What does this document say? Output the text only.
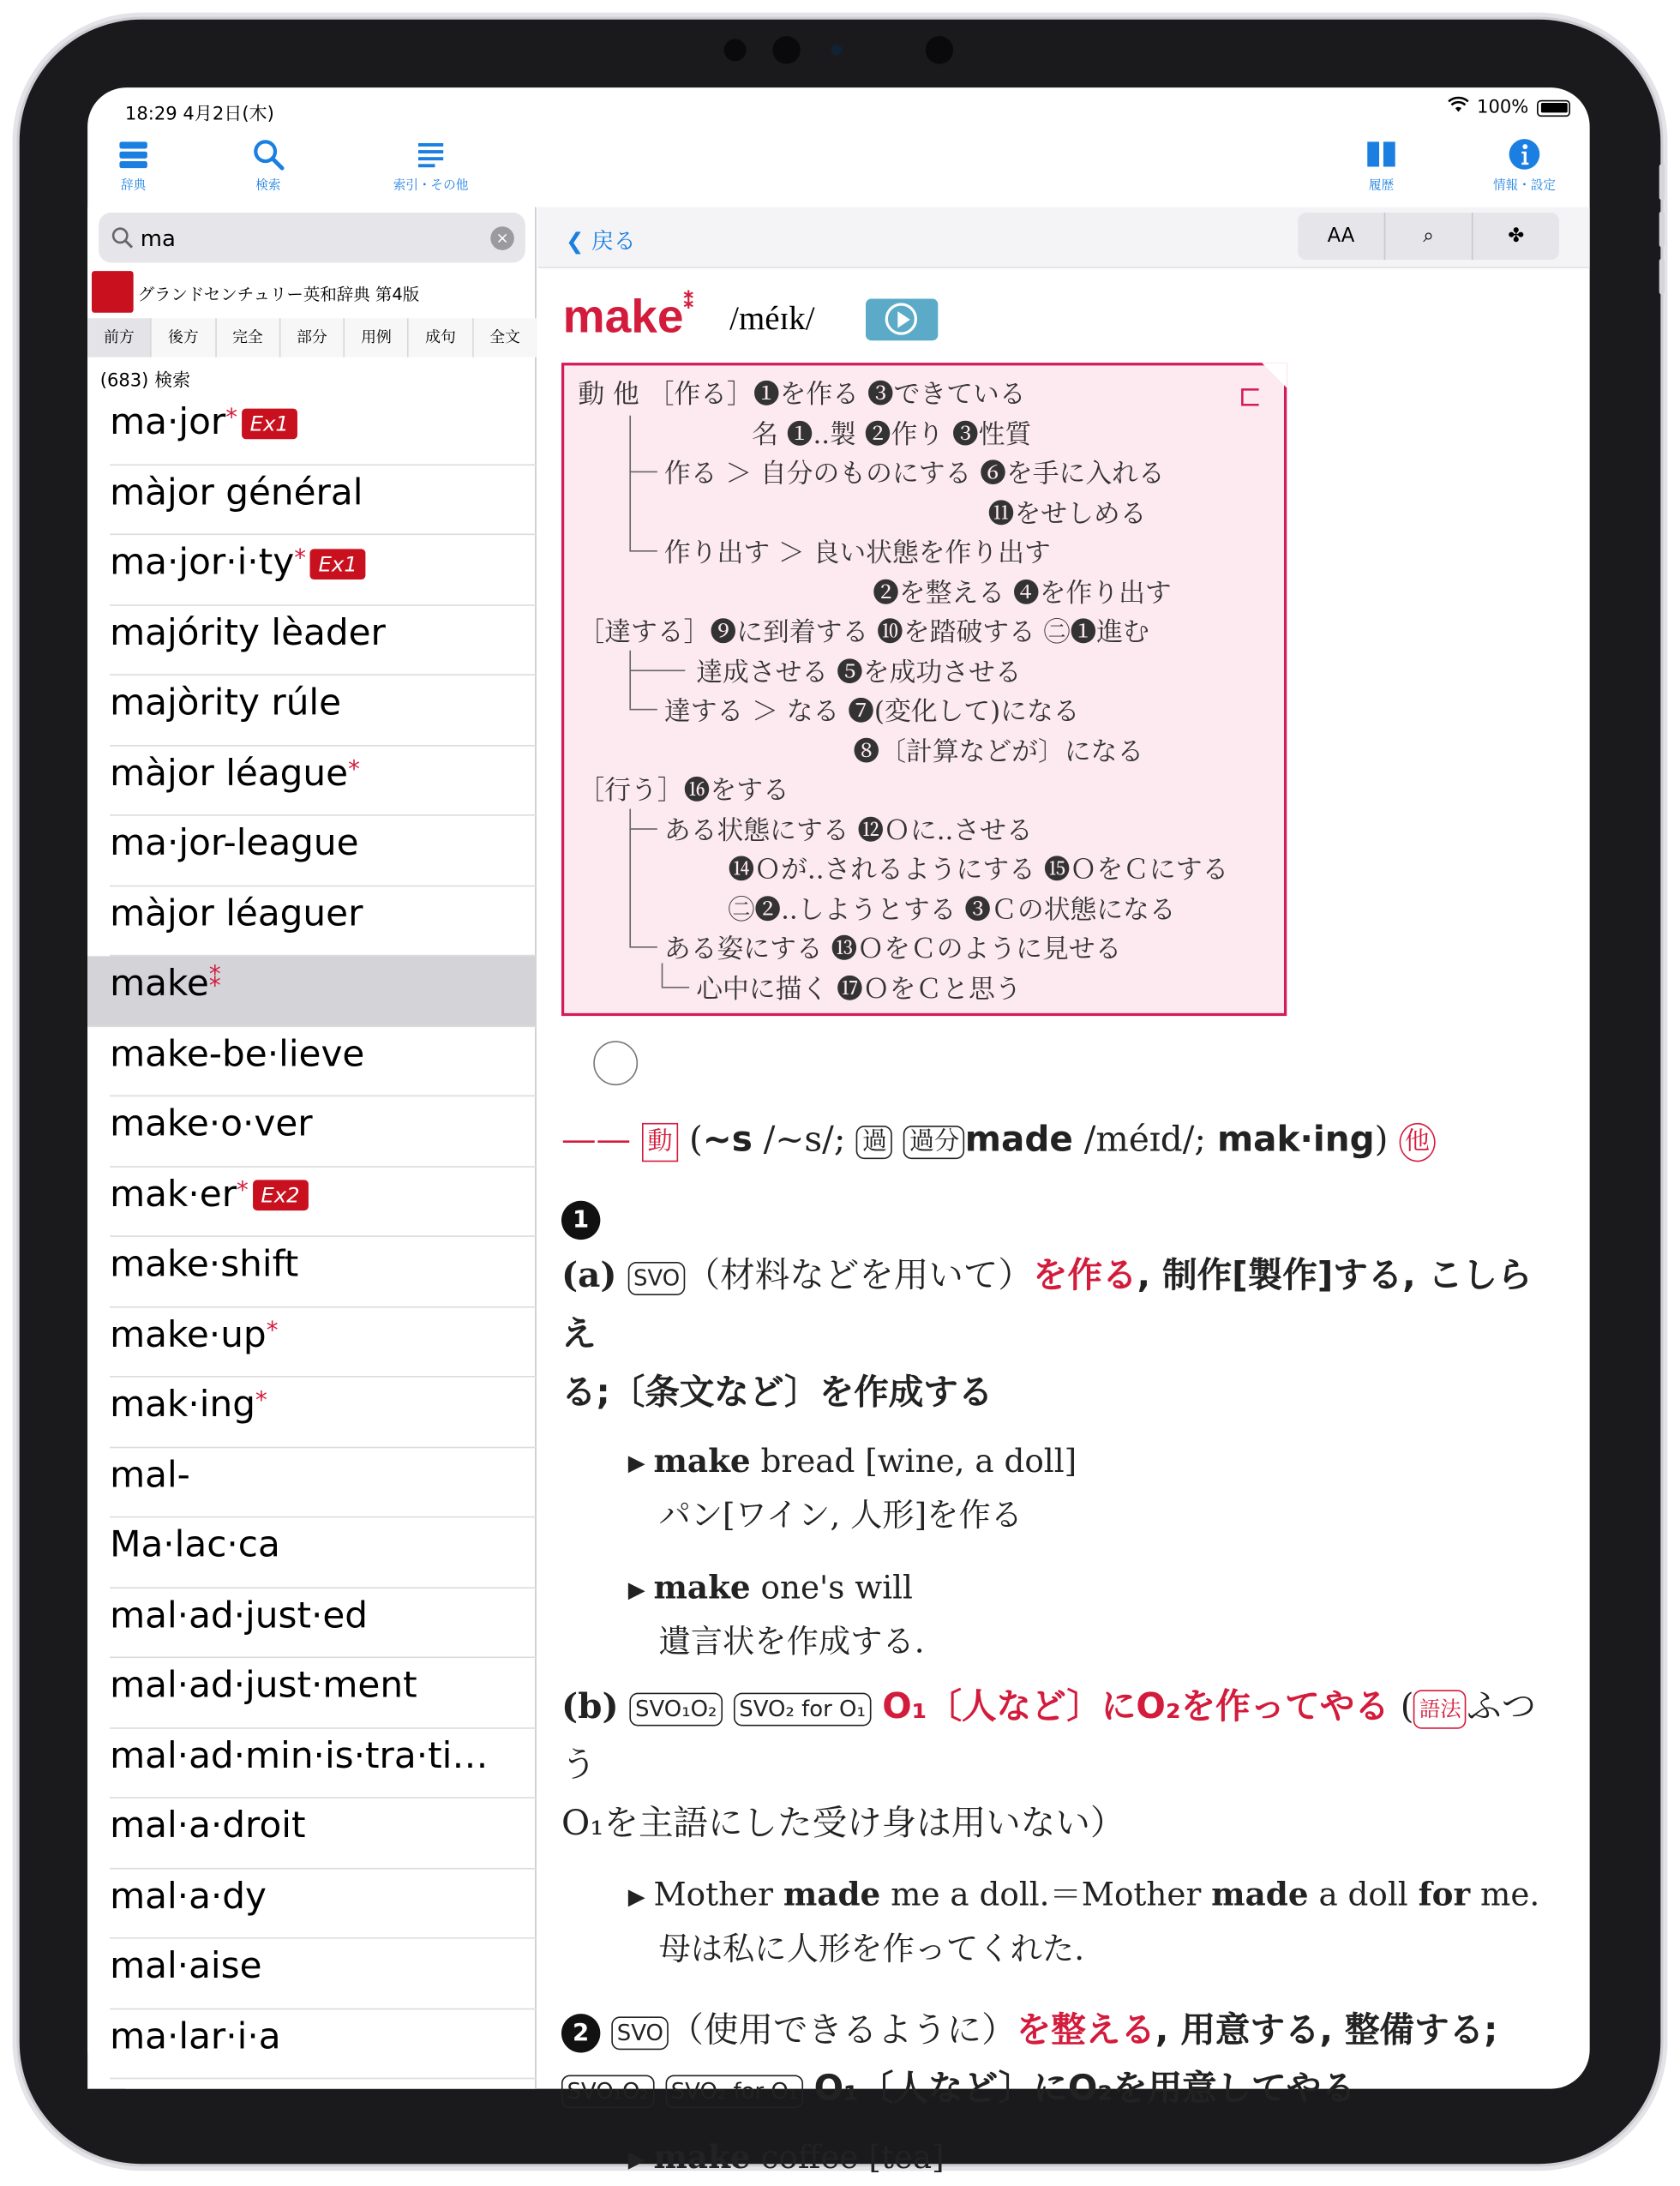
18:29 4月2日(木)	100%
辞典	検索	索引・その他	履歴	情報・設定
ma	×
グランドセンチュリー英和辞典 第4版
前方	後方	完全	部分	用例	成句	全文
(683) 検索
ma·jor* Ex1
màjor général
ma·jor·i·ty* Ex1
majórity lèader
majòrity rúle
màjor léague*
ma·jor-league
màjor léaguer
make⁑
make-be·lieve
make·o·ver
mak·er* Ex2
make·shift
make·up*
mak·ing*
mal-
Ma·lac·ca
mal·ad·just·ed
mal·ad·just·ment
mal·ad·min·is·tra·ti…
mal·a·droit
mal·a·dy
mal·aise
ma·lar·i·a
❮ 戻る	AA	⌕	✤
make⁑ /méɪk/
⊏
動 他 ［作る］❶を作る ❸できている
名 ❶..製 ❷作り ❸性質
作る ＞ 自分のものにする ❻を手に入れる
⓫をせしめる
作り出す ＞ 良い状態を作り出す
❷を整える ❹を作り出す
［達する］❾に到着する ❿を踏破する ㊁❶進む
達成させる ❺を成功させる
達する ＞ なる ❼(変化して)になる
❽〔計算などが〕になる
［行う］⓰をする
ある状態にする ⓬Ｏに..させる
⓮Ｏが..されるようにする ⓯ＯをＣにする
㊁❷..しようとする ❸Ｃの状態になる
ある姿にする ⓭ＯをＣのように見せる
心中に描く ⓱ＯをＣと思う
—— 動 (~s /~s/; 過 過分 made /méɪd/; mak·ing) 他
1
(a) SVO （材料などを用いて）を作る, 制作[製作]する, こしらえ
る;〔条文など〕を作成する
▶ make bread [wine, a doll]
パン[ワイン, 人形]を作る
▶ make one's will
遺言状を作成する.
(b) SVO₁O₂ SVO₂ for O₁ O₁〔人など〕にO₂を作ってやる ( 語法 ふつう
O₁を主語にした受け身は用いない）
▶ Mother made me a doll.＝Mother made a doll for me.
母は私に人形を作ってくれた.
2 SVO （使用できるように）を整える, 用意する, 整備する;
SVO₁O₂ SVO₂ for O₁ O₁〔人など〕にO₂を用意してやる
▶ make coffee [tea]
